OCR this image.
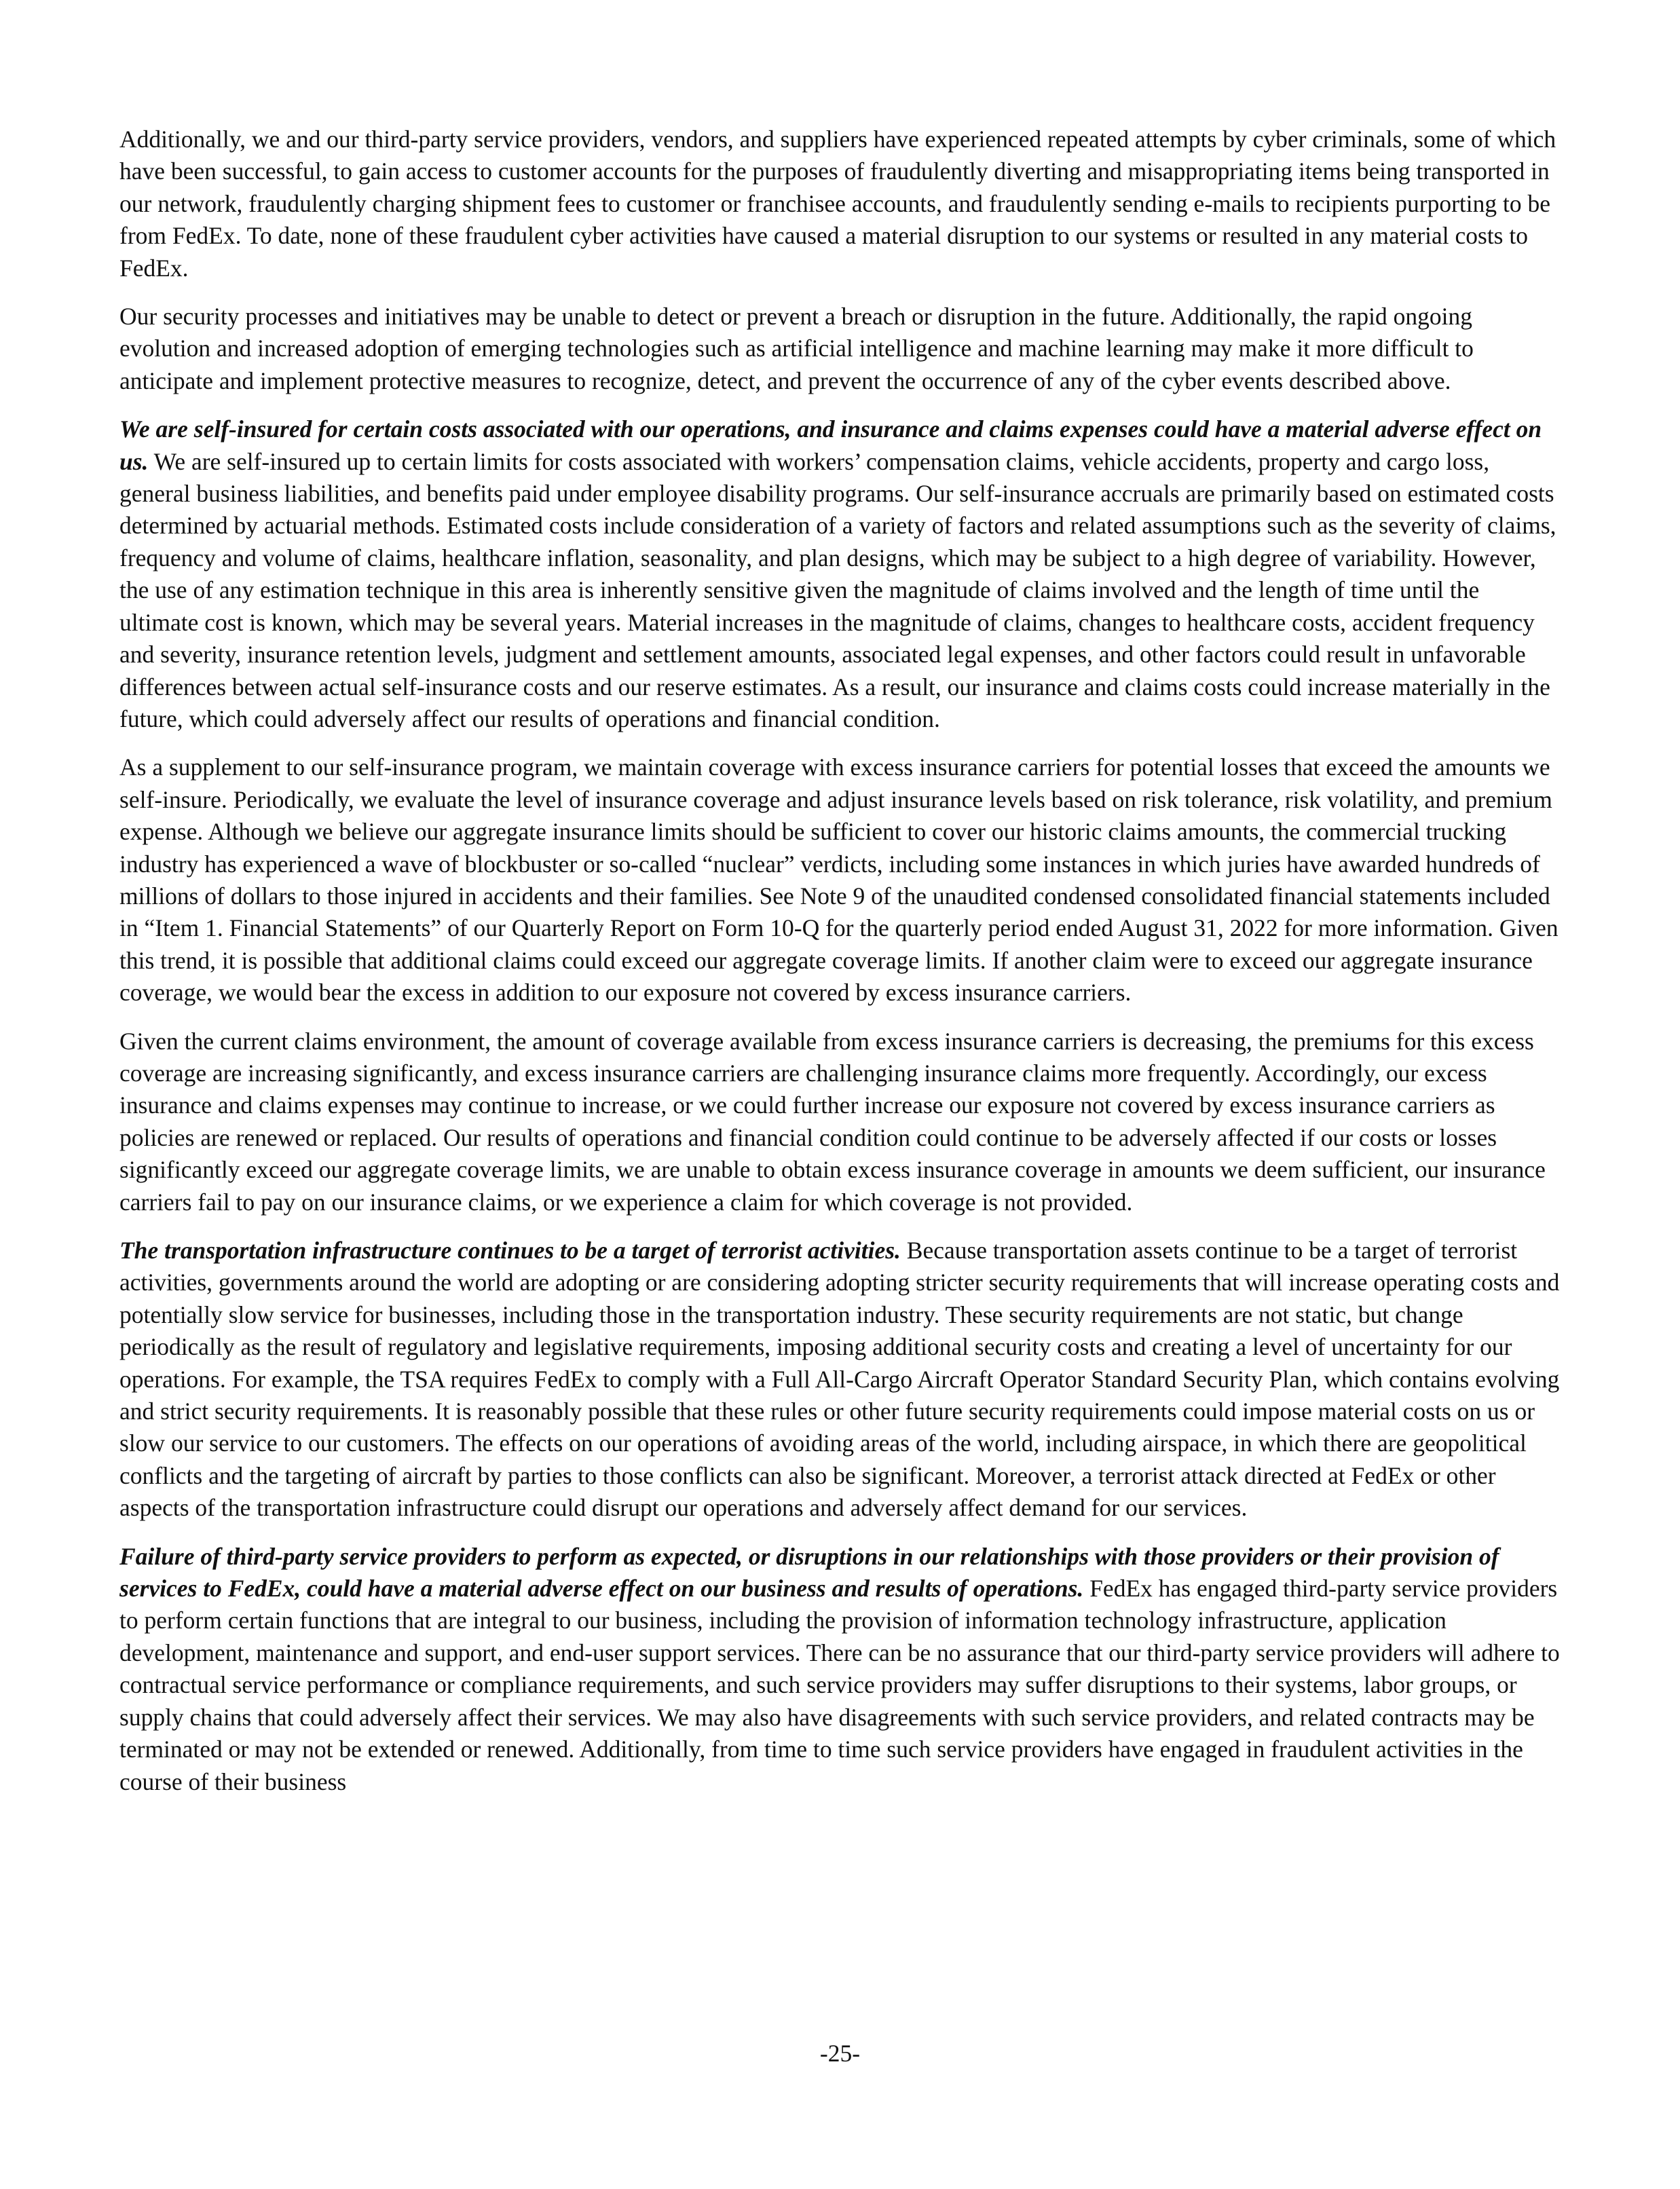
Additionally, we and our third-party service providers, vendors, and suppliers have experienced repeated attempts by cyber criminals, some of which have been successful, to gain access to customer accounts for the purposes of fraudulently diverting and misappropriating items being transported in our network, fraudulently charging shipment fees to customer or franchisee accounts, and fraudulently sending e-mails to recipients purporting to be from FedEx. To date, none of these fraudulent cyber activities have caused a material disruption to our systems or resulted in any material costs to FedEx.

Our security processes and initiatives may be unable to detect or prevent a breach or disruption in the future. Additionally, the rapid ongoing evolution and increased adoption of emerging technologies such as artificial intelligence and machine learning may make it more difficult to anticipate and implement protective measures to recognize, detect, and prevent the occurrence of any of the cyber events described above.

We are self-insured for certain costs associated with our operations, and insurance and claims expenses could have a material adverse effect on us. We are self-insured up to certain limits for costs associated with workers’ compensation claims, vehicle accidents, property and cargo loss, general business liabilities, and benefits paid under employee disability programs. Our self-insurance accruals are primarily based on estimated costs determined by actuarial methods. Estimated costs include consideration of a variety of factors and related assumptions such as the severity of claims, frequency and volume of claims, healthcare inflation, seasonality, and plan designs, which may be subject to a high degree of variability. However, the use of any estimation technique in this area is inherently sensitive given the magnitude of claims involved and the length of time until the ultimate cost is known, which may be several years. Material increases in the magnitude of claims, changes to healthcare costs, accident frequency and severity, insurance retention levels, judgment and settlement amounts, associated legal expenses, and other factors could result in unfavorable differences between actual self-insurance costs and our reserve estimates. As a result, our insurance and claims costs could increase materially in the future, which could adversely affect our results of operations and financial condition.

As a supplement to our self-insurance program, we maintain coverage with excess insurance carriers for potential losses that exceed the amounts we self-insure. Periodically, we evaluate the level of insurance coverage and adjust insurance levels based on risk tolerance, risk volatility, and premium expense. Although we believe our aggregate insurance limits should be sufficient to cover our historic claims amounts, the commercial trucking industry has experienced a wave of blockbuster or so-called “nuclear” verdicts, including some instances in which juries have awarded hundreds of millions of dollars to those injured in accidents and their families. See Note 9 of the unaudited condensed consolidated financial statements included in “Item 1. Financial Statements” of our Quarterly Report on Form 10-Q for the quarterly period ended August 31, 2022 for more information. Given this trend, it is possible that additional claims could exceed our aggregate coverage limits. If another claim were to exceed our aggregate insurance coverage, we would bear the excess in addition to our exposure not covered by excess insurance carriers.

Given the current claims environment, the amount of coverage available from excess insurance carriers is decreasing, the premiums for this excess coverage are increasing significantly, and excess insurance carriers are challenging insurance claims more frequently. Accordingly, our excess insurance and claims expenses may continue to increase, or we could further increase our exposure not covered by excess insurance carriers as policies are renewed or replaced. Our results of operations and financial condition could continue to be adversely affected if our costs or losses significantly exceed our aggregate coverage limits, we are unable to obtain excess insurance coverage in amounts we deem sufficient, our insurance carriers fail to pay on our insurance claims, or we experience a claim for which coverage is not provided.

The transportation infrastructure continues to be a target of terrorist activities. Because transportation assets continue to be a target of terrorist activities, governments around the world are adopting or are considering adopting stricter security requirements that will increase operating costs and potentially slow service for businesses, including those in the transportation industry. These security requirements are not static, but change periodically as the result of regulatory and legislative requirements, imposing additional security costs and creating a level of uncertainty for our operations. For example, the TSA requires FedEx to comply with a Full All-Cargo Aircraft Operator Standard Security Plan, which contains evolving and strict security requirements. It is reasonably possible that these rules or other future security requirements could impose material costs on us or slow our service to our customers. The effects on our operations of avoiding areas of the world, including airspace, in which there are geopolitical conflicts and the targeting of aircraft by parties to those conflicts can also be significant. Moreover, a terrorist attack directed at FedEx or other aspects of the transportation infrastructure could disrupt our operations and adversely affect demand for our services.

Failure of third-party service providers to perform as expected, or disruptions in our relationships with those providers or their provision of services to FedEx, could have a material adverse effect on our business and results of operations. FedEx has engaged third-party service providers to perform certain functions that are integral to our business, including the provision of information technology infrastructure, application development, maintenance and support, and end-user support services. There can be no assurance that our third-party service providers will adhere to contractual service performance or compliance requirements, and such service providers may suffer disruptions to their systems, labor groups, or supply chains that could adversely affect their services. We may also have disagreements with such service providers, and related contracts may be terminated or may not be extended or renewed. Additionally, from time to time such service providers have engaged in fraudulent activities in the course of their business

-25-
